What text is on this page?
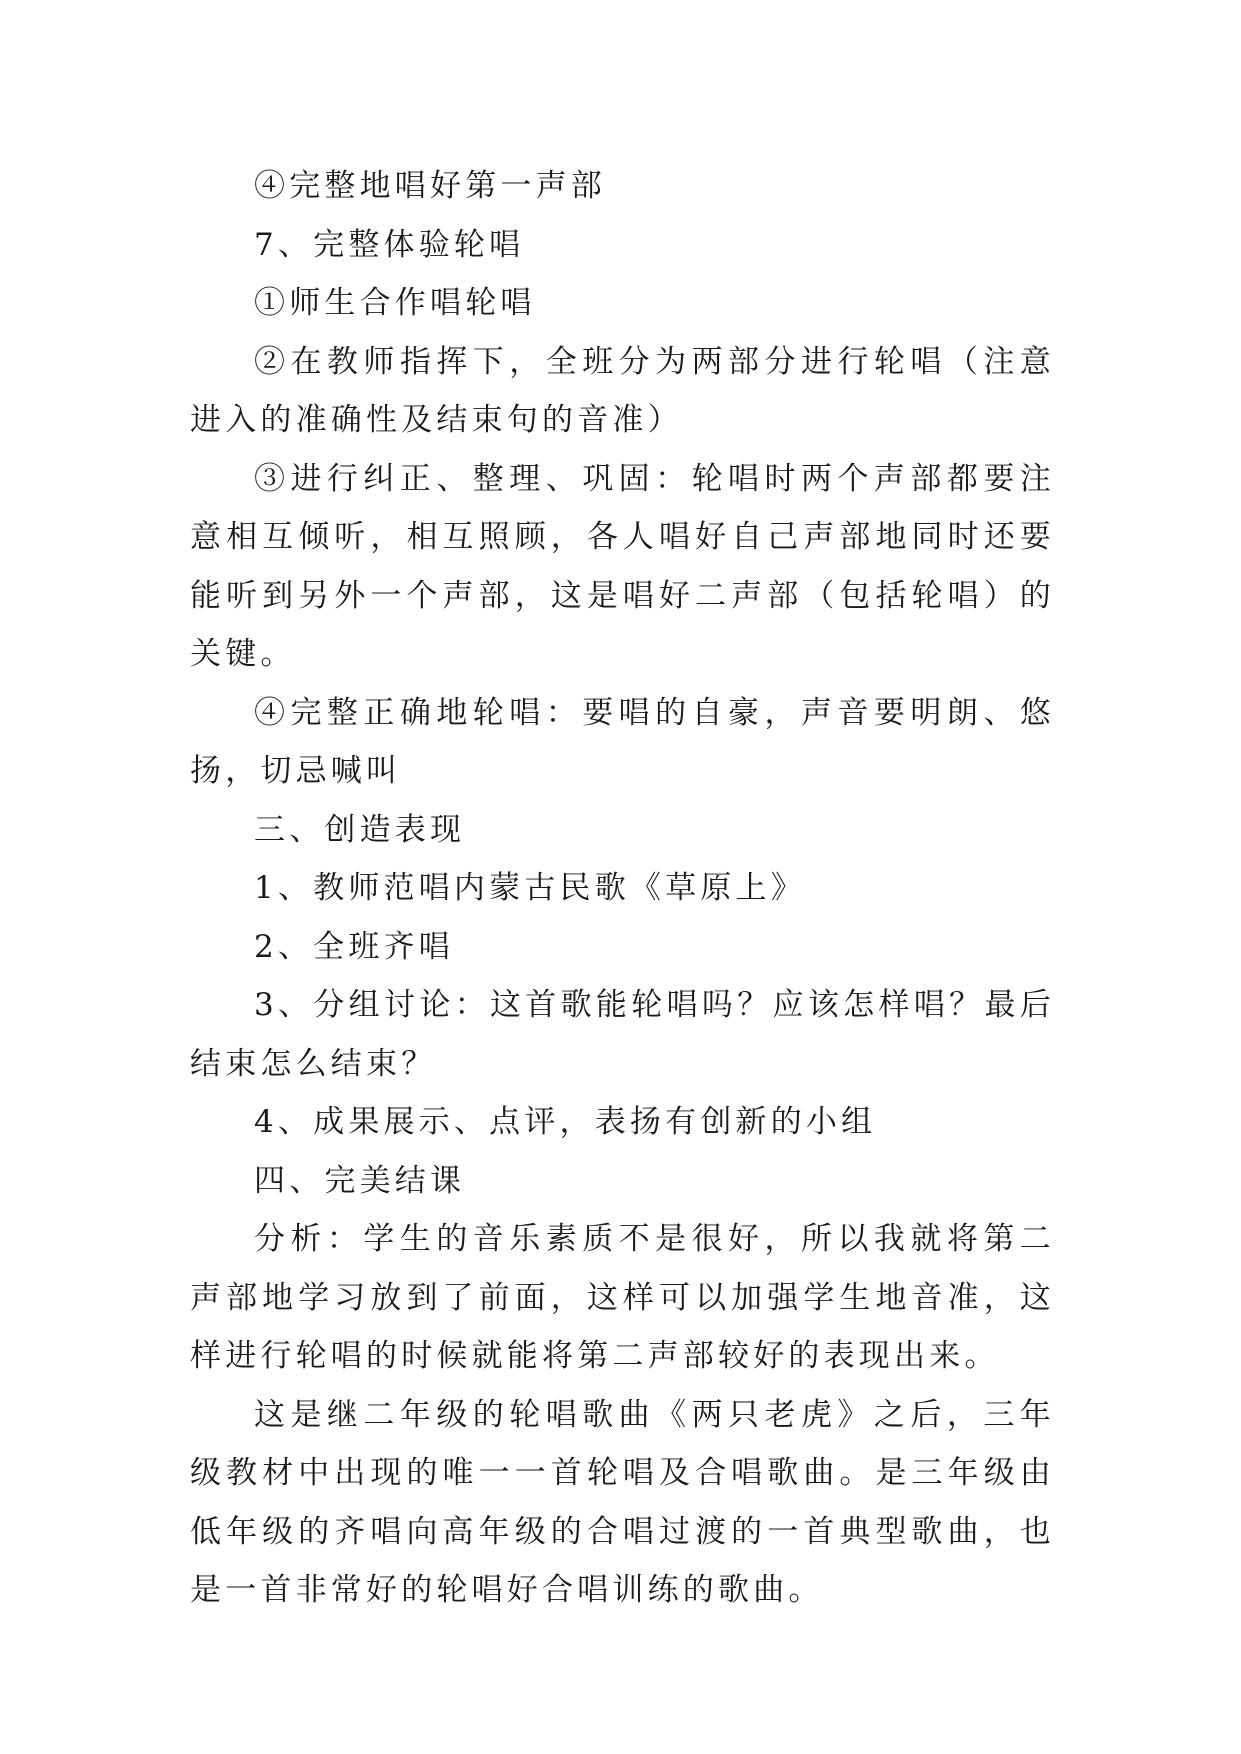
④完整地唱好第一声部

7、完整体验轮唱

①师生合作唱轮唱

②在教师指挥下，全班分为两部分进行轮唱（注意进入的准确性及结束句的音准）

③进行纠正、整理、巩固：轮唱时两个声部都要注意相互倾听，相互照顾，各人唱好自己声部地同时还要能听到另外一个声部，这是唱好二声部（包括轮唱）的关键。

④完整正确地轮唱：要唱的自豪，声音要明朗、悠扬，切忌喊叫

三、创造表现

1、教师范唱内蒙古民歌《草原上》

2、全班齐唱

3、分组讨论：这首歌能轮唱吗？应该怎样唱？最后结束怎么结束？

4、成果展示、点评，表扬有创新的小组

四、完美结课

分析：学生的音乐素质不是很好，所以我就将第二声部地学习放到了前面，这样可以加强学生地音准，这样进行轮唱的时候就能将第二声部较好的表现出来。

这是继二年级的轮唱歌曲《两只老虎》之后，三年级教材中出现的唯一一首轮唱及合唱歌曲。是三年级由低年级的齐唱向高年级的合唱过渡的一首典型歌曲，也是一首非常好的轮唱好合唱训练的歌曲。
